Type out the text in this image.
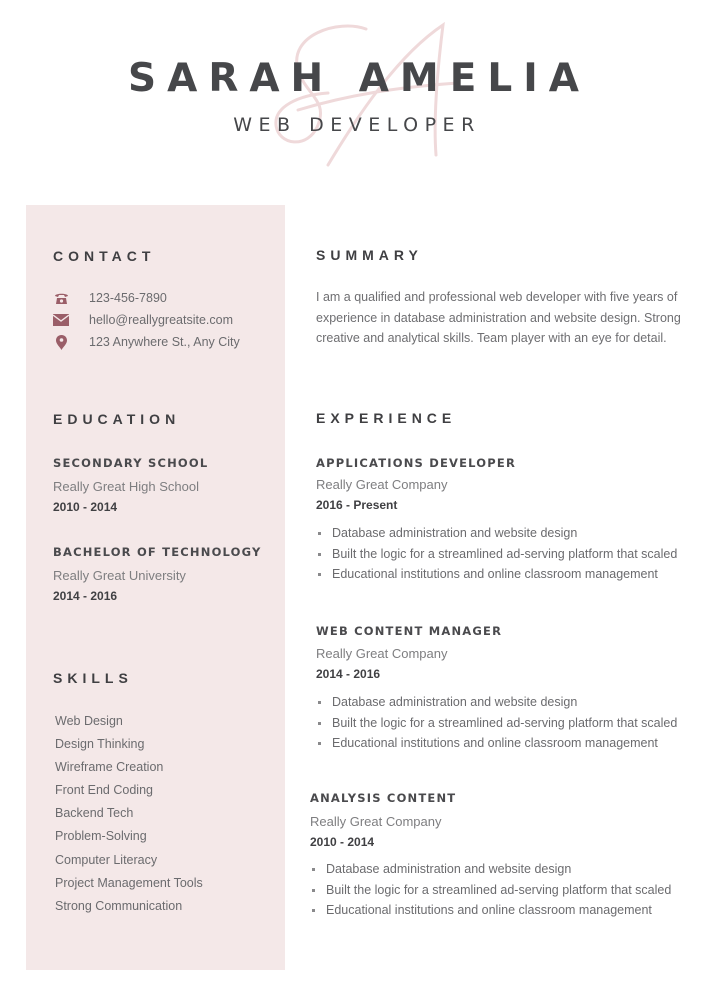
SARAH AMELIA
WEB DEVELOPER
CONTACT
123-456-7890
hello@reallygreatsite.com
123 Anywhere St., Any City
EDUCATION
SECONDARY SCHOOL
Really Great High School
2010 - 2014
BACHELOR OF TECHNOLOGY
Really Great University
2014 - 2016
SKILLS
Web Design
Design Thinking
Wireframe Creation
Front End Coding
Backend Tech
Problem-Solving
Computer Literacy
Project Management Tools
Strong Communication
SUMMARY

I am a qualified and professional web developer with five years of experience in database administration and website design. Strong creative and analytical skills. Team player with an eye for detail.

EXPERIENCE
APPLICATIONS DEVELOPER
Really Great Company
2016 - Present
Database administration and website design
Built the logic for a streamlined ad-serving platform that scaled
Educational institutions and online classroom management
WEB CONTENT MANAGER
Really Great Company
2014 - 2016
Database administration and website design
Built the logic for a streamlined ad-serving platform that scaled
Educational institutions and online classroom management
ANALYSIS CONTENT
Really Great Company
2010 - 2014
Database administration and website design
Built the logic for a streamlined ad-serving platform that scaled
Educational institutions and online classroom management
